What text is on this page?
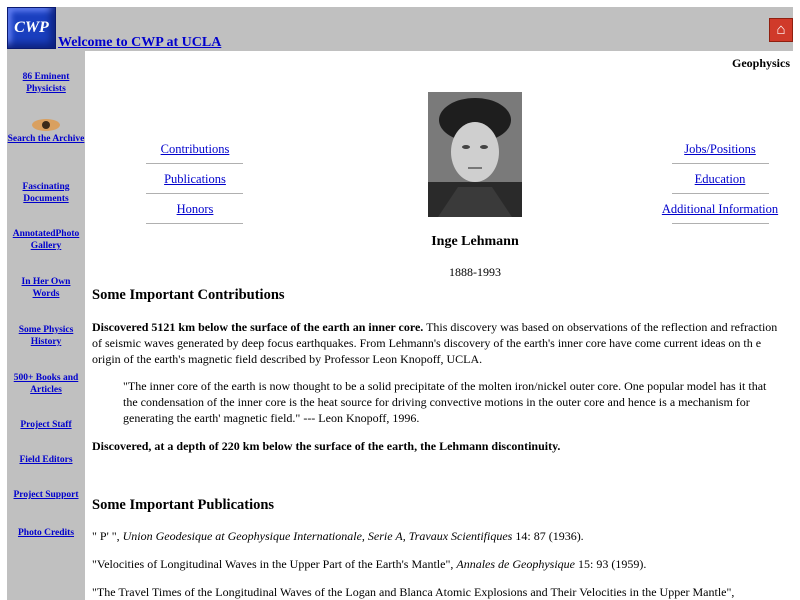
CWP
Welcome to CWP at UCLA
⌂
86 Eminent Physicists
Search the Archive
Fascinating Documents
AnnotatedPhoto Gallery
In Her Own Words
Some Physics History
500+ Books and Articles
Project Staff
Field Editors
Project Support
Photo Credits
Geophysics
Contributions
Publications
Honors
Jobs/Positions
Education
Additional Information
Inge Lehmann
1888-1993
Some Important Contributions
Discovered 5121 km below the surface of the earth an inner core. This discovery was based on observations of the reflection and refraction of seismic waves generated by deep focus earthquakes. From Lehmann's discovery of the earth's inner core have come current ideas on th e origin of the earth's magnetic field described by Professor Leon Knopoff, UCLA.
"The inner core of the earth is now thought to be a solid precipitate of the molten iron/nickel outer core. One popular model has it that the condensation of the inner core is the heat source for driving convective motions in the outer core and hence is a mechanism for generating the earth' magnetic field." --- Leon Knopoff, 1996.
Discovered, at a depth of 220 km below the surface of the earth, the Lehmann discontinuity.
Some Important Publications
" P' ", Union Geodesique at Geophysique Internationale, Serie A, Travaux Scientifiques 14: 87 (1936).
"Velocities of Longitudinal Waves in the Upper Part of the Earth's Mantle", Annales de Geophysique 15: 93 (1959).
"The Travel Times of the Longitudinal Waves of the Logan and Blanca Atomic Explosions and Their Velocities in the Upper Mantle",
